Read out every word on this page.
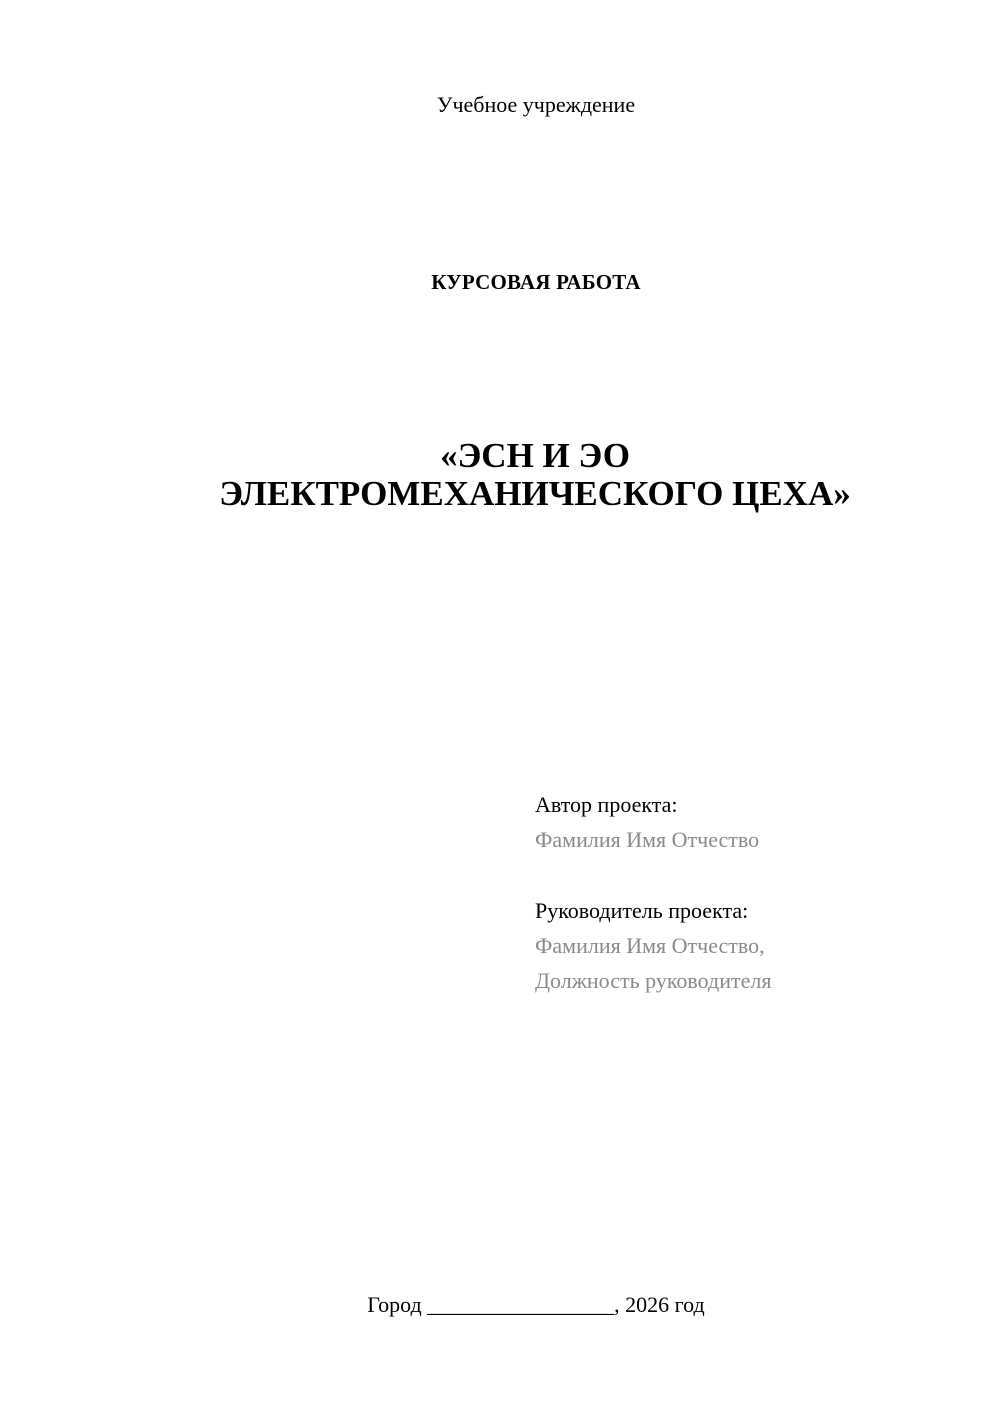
Учебное учреждение
КУРСОВАЯ РАБОТА
«ЭСН И ЭО
ЭЛЕКТРОМЕХАНИЧЕСКОГО ЦЕХА»
Автор проекта:
Фамилия Имя Отчество
Руководитель проекта:
Фамилия Имя Отчество,
Должность руководителя
Город _________________, 2026 год
